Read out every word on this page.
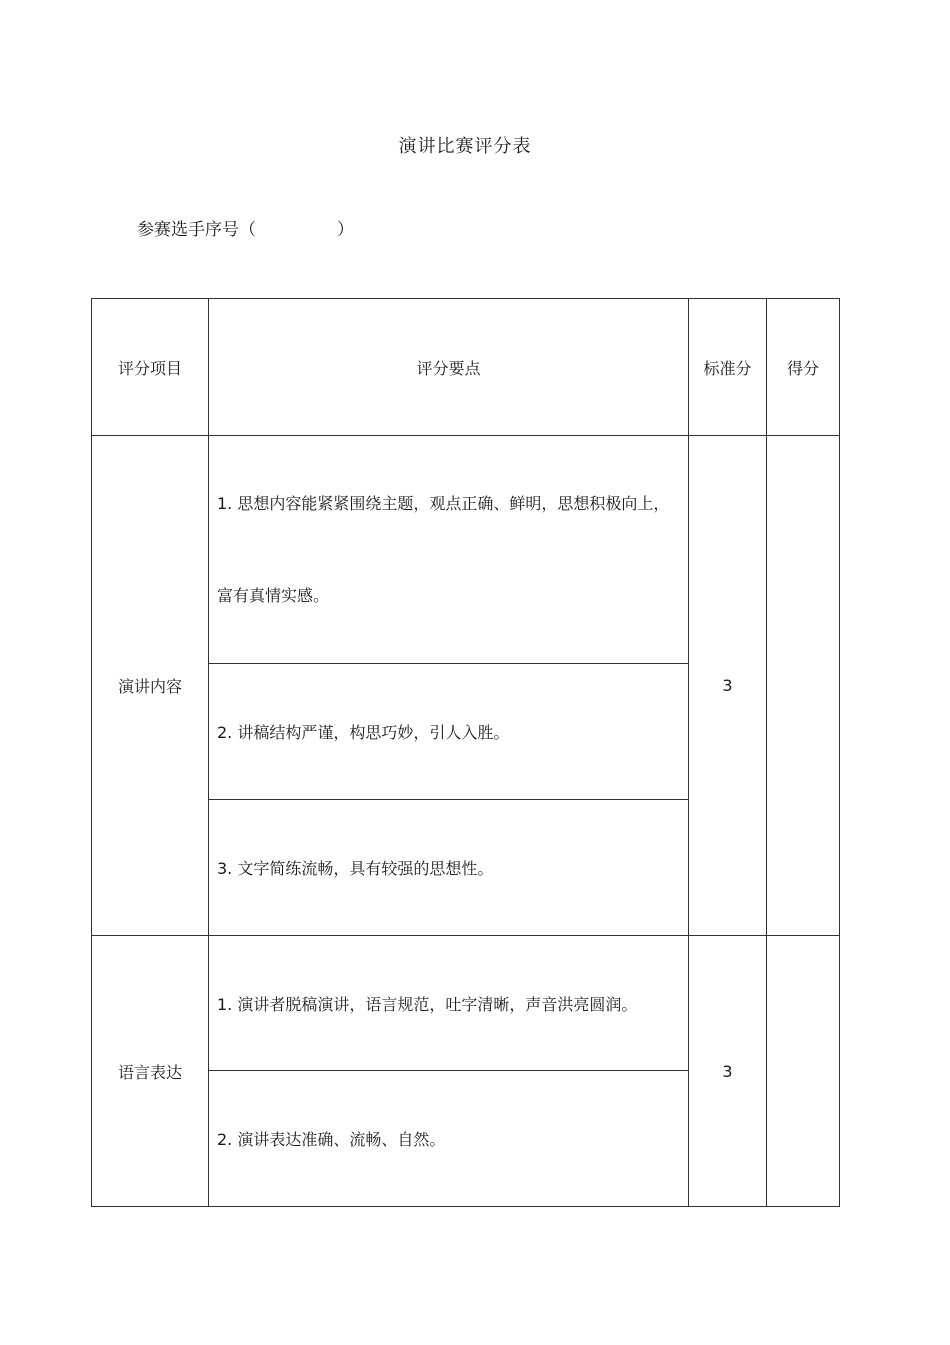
演讲比赛评分表
参赛选手序号（               ）
评分项目	评分要点	标准分	得分
演讲内容	1. 思想内容能紧紧围绕主题，观点正确、鲜明，思想积极向上，富有真情实感。	3	
	2. 讲稿结构严谨，构思巧妙，引人入胜。		
	3. 文字简练流畅，具有较强的思想性。		
语言表达	1. 演讲者脱稿演讲，语言规范，吐字清晰，声音洪亮圆润。	3	
	2. 演讲表达准确、流畅、自然。		
